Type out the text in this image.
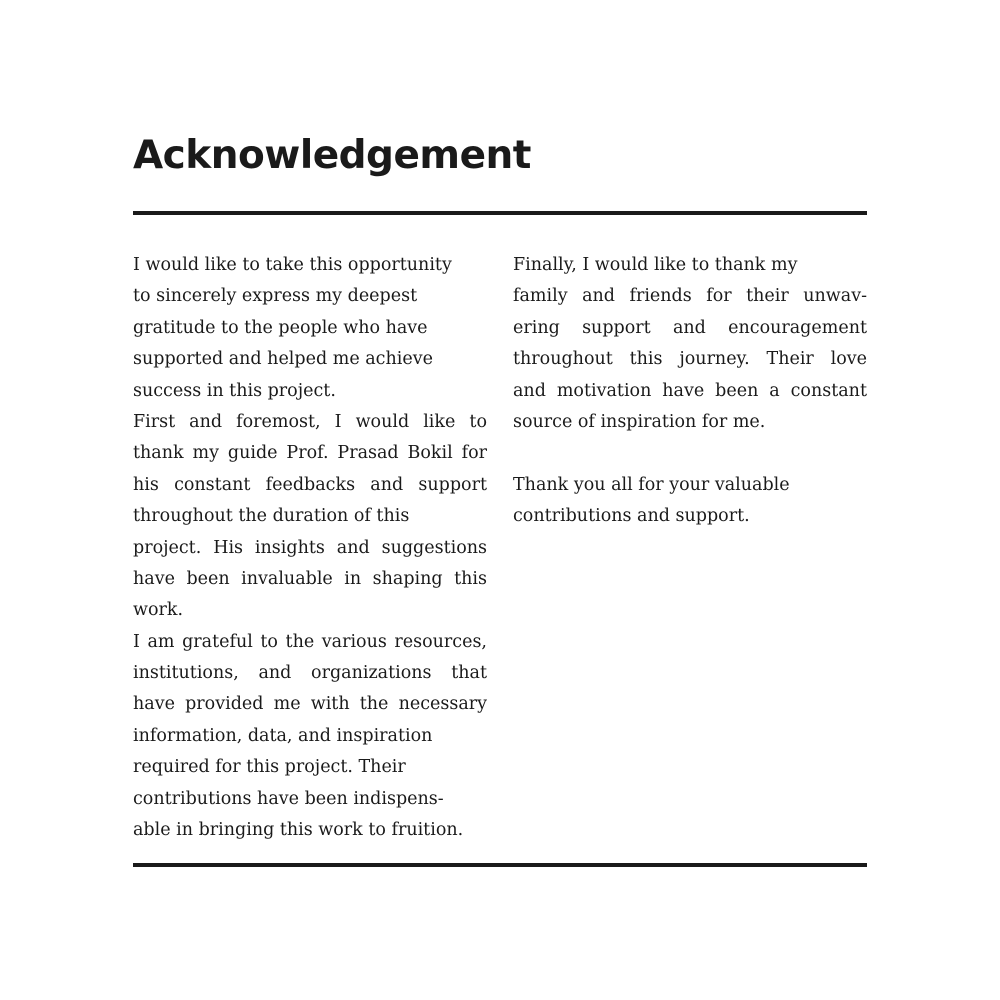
Acknowledgement
I would like to take this opportunity
to sincerely express my deepest
gratitude to the people who have
supported and helped me achieve
success in this project.
First and foremost, I would like to
thank my guide Prof. Prasad Bokil for
his constant feedbacks and support
throughout the duration of this
project. His insights and suggestions
have been invaluable in shaping this
work.
I am grateful to the various resources,
institutions, and organizations that
have provided me with the necessary
information, data, and inspiration
required for this project. Their
contributions have been indispens-
able in bringing this work to fruition.
Finally, I would like to thank my
family and friends for their unwav-
ering support and encouragement
throughout this journey. Their love
and motivation have been a constant
source of inspiration for me.
Thank you all for your valuable
contributions and support.
